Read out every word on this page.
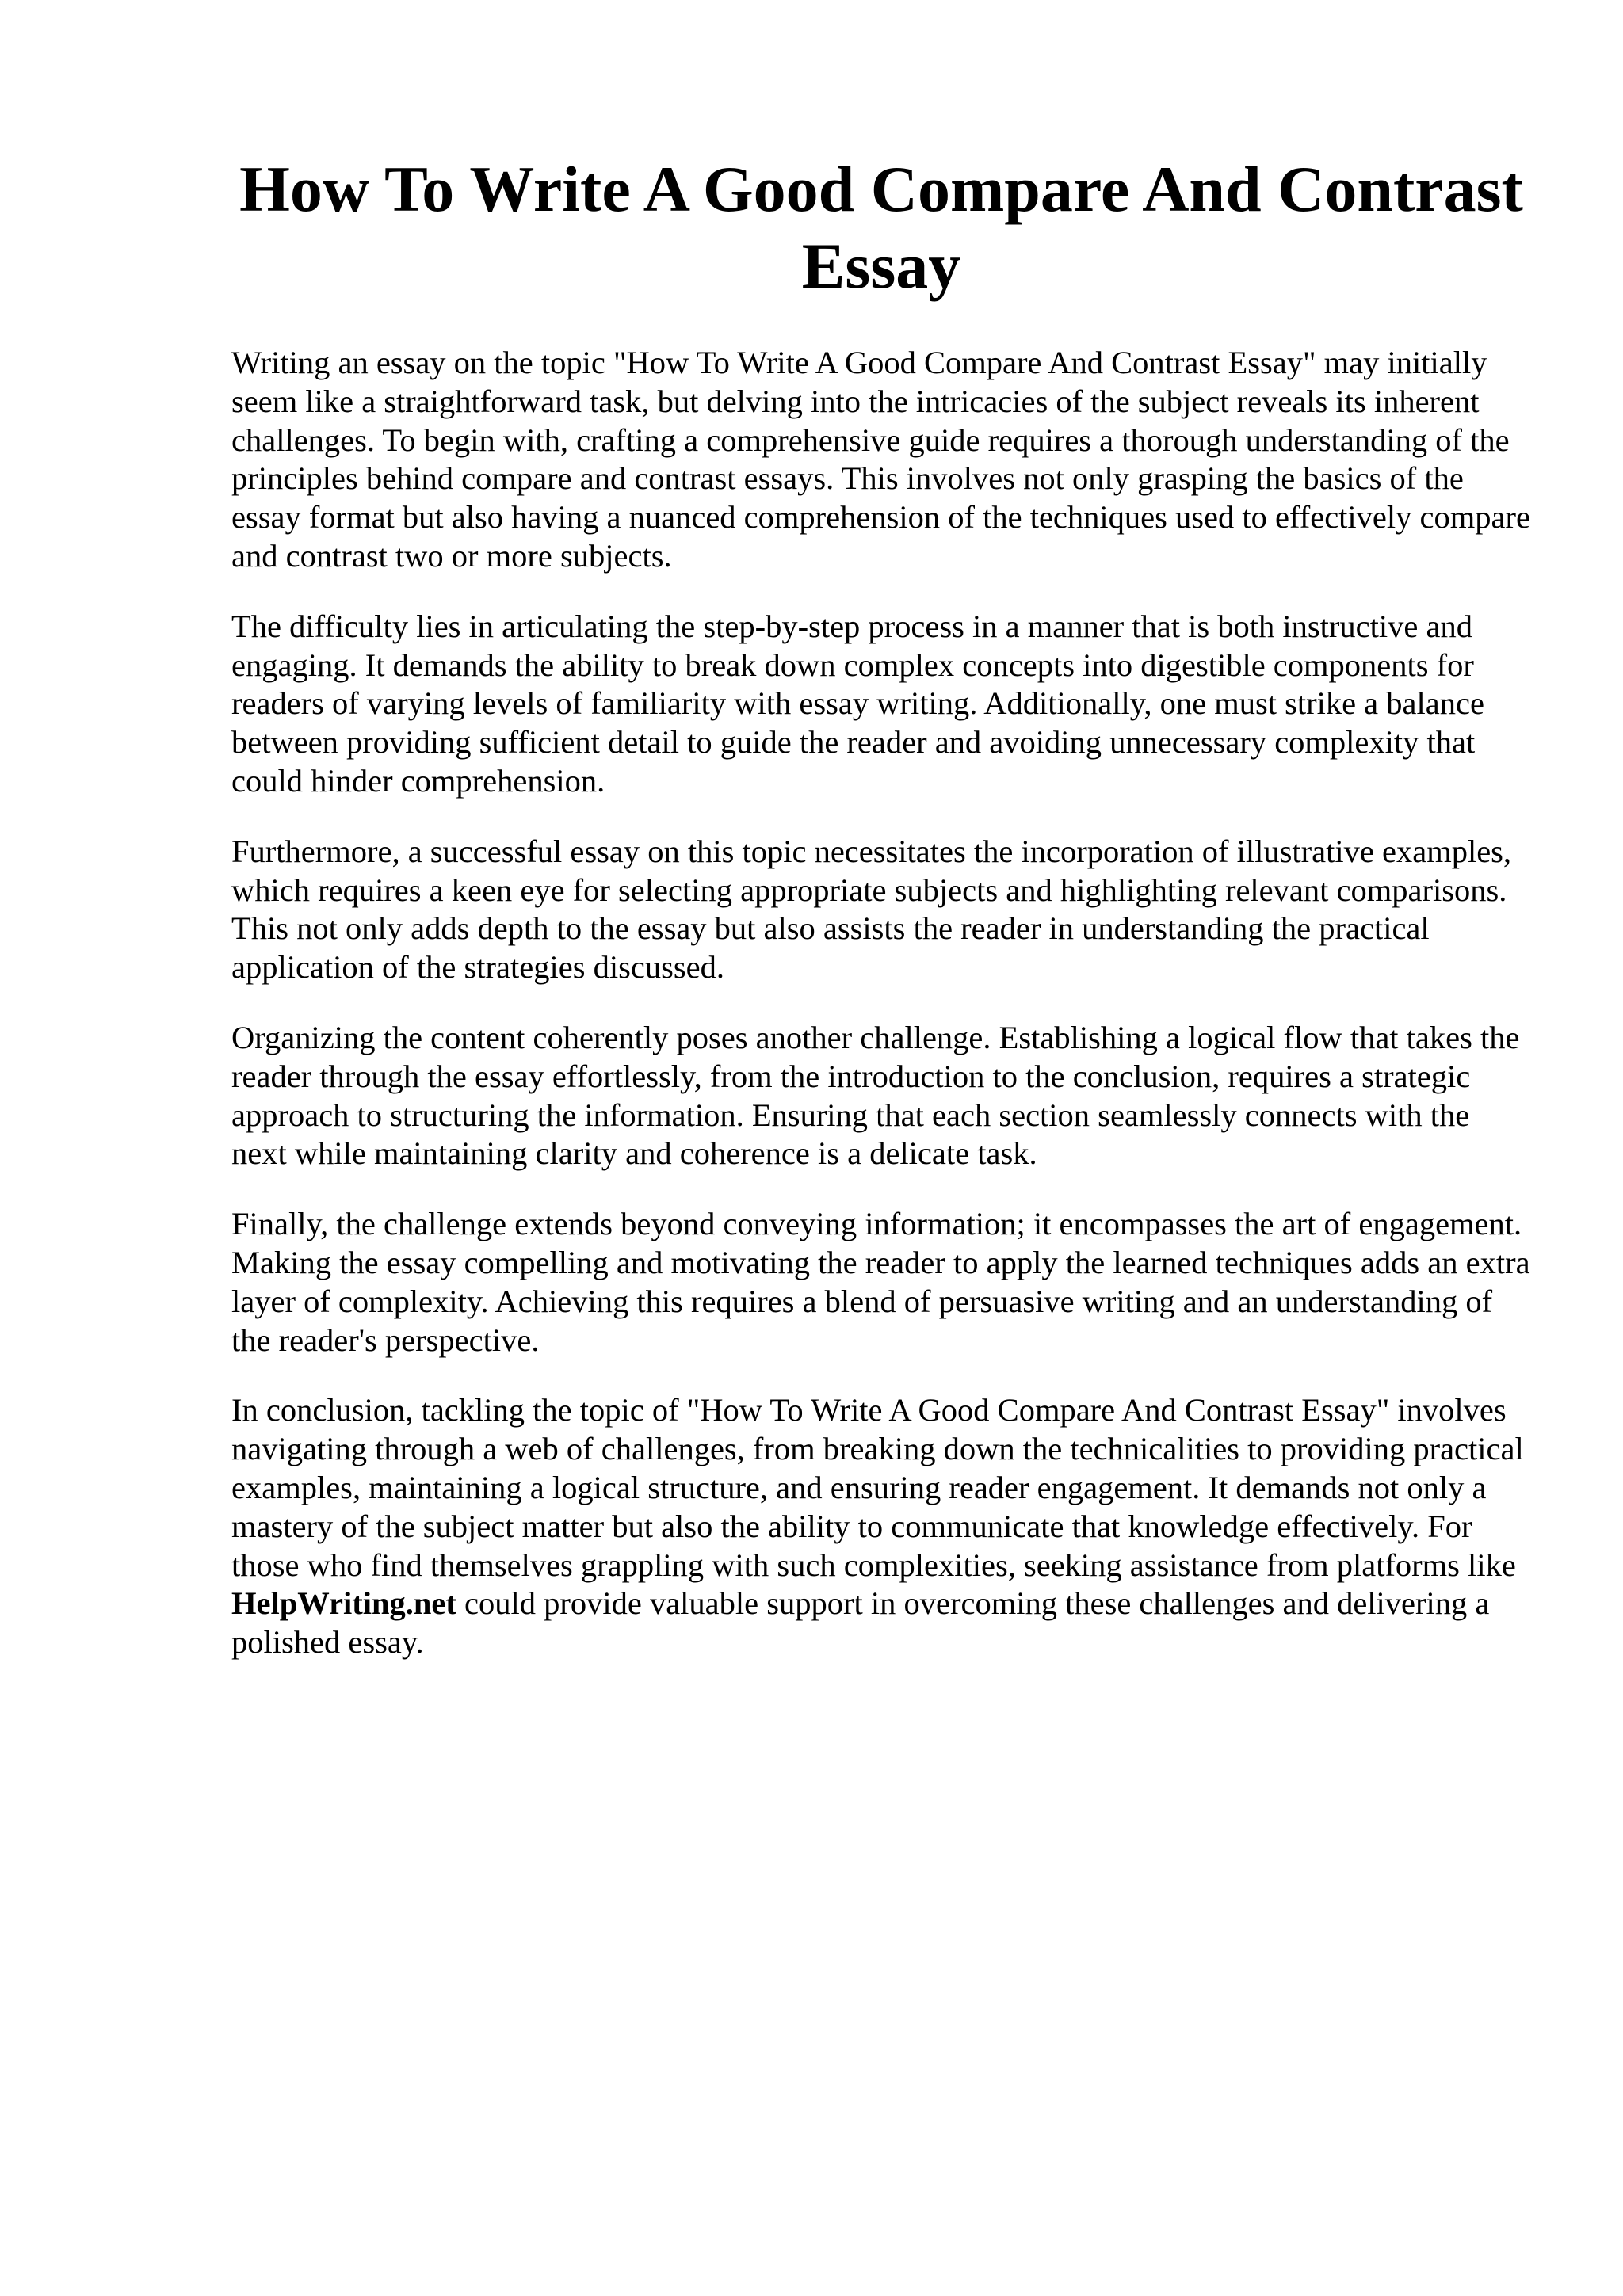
How To Write A Good Compare And Contrast Essay

Writing an essay on the topic "How To Write A Good Compare And Contrast Essay" may initially seem like a straightforward task, but delving into the intricacies of the subject reveals its inherent challenges. To begin with, crafting a comprehensive guide requires a thorough understanding of the principles behind compare and contrast essays. This involves not only grasping the basics of the essay format but also having a nuanced comprehension of the techniques used to effectively compare and contrast two or more subjects.

The difficulty lies in articulating the step-by-step process in a manner that is both instructive and engaging. It demands the ability to break down complex concepts into digestible components for readers of varying levels of familiarity with essay writing. Additionally, one must strike a balance between providing sufficient detail to guide the reader and avoiding unnecessary complexity that could hinder comprehension.

Furthermore, a successful essay on this topic necessitates the incorporation of illustrative examples, which requires a keen eye for selecting appropriate subjects and highlighting relevant comparisons. This not only adds depth to the essay but also assists the reader in understanding the practical application of the strategies discussed.

Organizing the content coherently poses another challenge. Establishing a logical flow that takes the reader through the essay effortlessly, from the introduction to the conclusion, requires a strategic approach to structuring the information. Ensuring that each section seamlessly connects with the next while maintaining clarity and coherence is a delicate task.

Finally, the challenge extends beyond conveying information; it encompasses the art of engagement. Making the essay compelling and motivating the reader to apply the learned techniques adds an extra layer of complexity. Achieving this requires a blend of persuasive writing and an understanding of the reader's perspective.

In conclusion, tackling the topic of "How To Write A Good Compare And Contrast Essay" involves navigating through a web of challenges, from breaking down the technicalities to providing practical examples, maintaining a logical structure, and ensuring reader engagement. It demands not only a mastery of the subject matter but also the ability to communicate that knowledge effectively. For those who find themselves grappling with such complexities, seeking assistance from platforms like HelpWriting.net could provide valuable support in overcoming these challenges and delivering a polished essay.
